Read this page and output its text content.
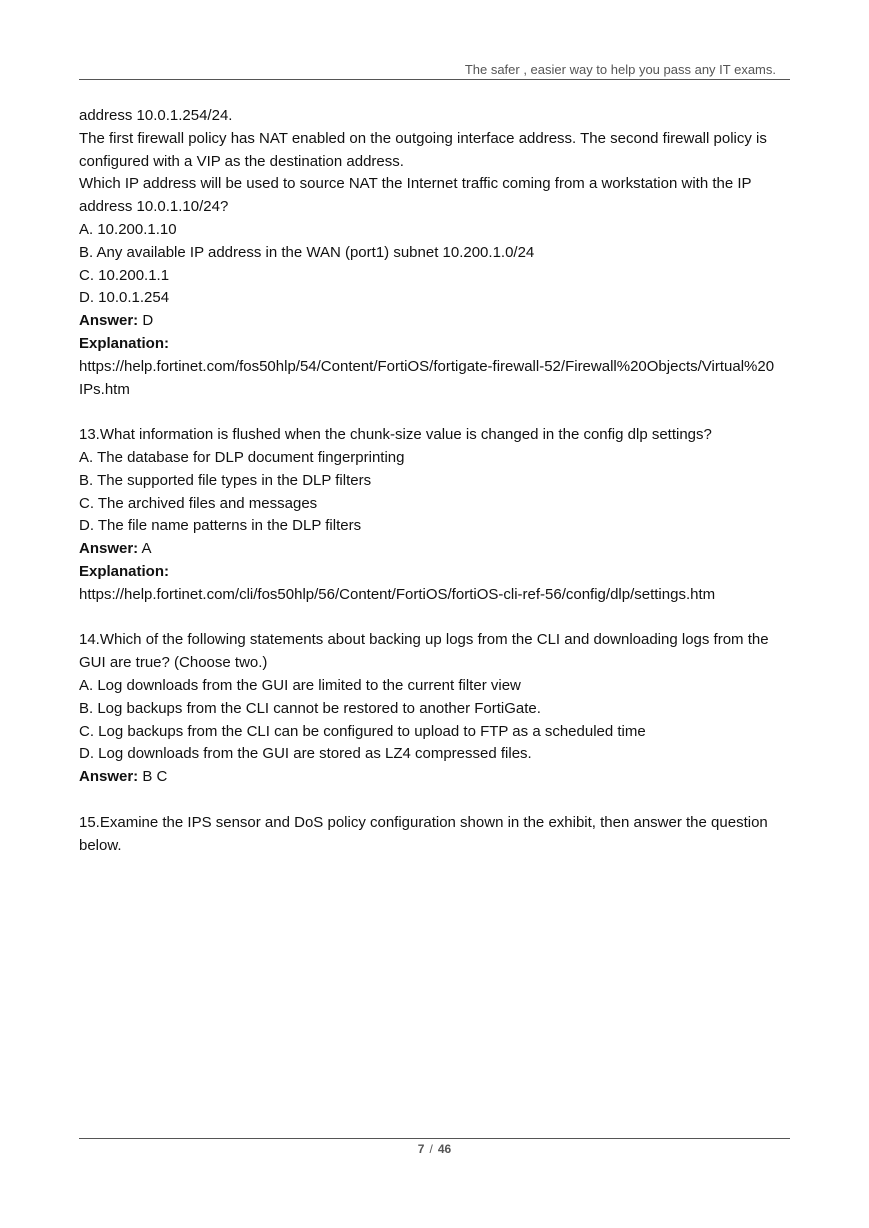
The safer , easier way to help you pass any IT exams.
address 10.0.1.254/24.
The first firewall policy has NAT enabled on the outgoing interface address. The second firewall policy is
configured with a VIP as the destination address.
Which IP address will be used to source NAT the Internet traffic coming from a workstation with the IP
address 10.0.1.10/24?
A. 10.200.1.10
B. Any available IP address in the WAN (port1) subnet 10.200.1.0/24
C. 10.200.1.1
D. 10.0.1.254
Answer: D
Explanation:
https://help.fortinet.com/fos50hlp/54/Content/FortiOS/fortigate-firewall-52/Firewall%20Objects/Virtual%20
IPs.htm
13.What information is flushed when the chunk-size value is changed in the config dlp settings?
A. The database for DLP document fingerprinting
B. The supported file types in the DLP filters
C. The archived files and messages
D. The file name patterns in the DLP filters
Answer: A
Explanation:
https://help.fortinet.com/cli/fos50hlp/56/Content/FortiOS/fortiOS-cli-ref-56/config/dlp/settings.htm
14.Which of the following statements about backing up logs from the CLI and downloading logs from the
GUI are true? (Choose two.)
A. Log downloads from the GUI are limited to the current filter view
B. Log backups from the CLI cannot be restored to another FortiGate.
C. Log backups from the CLI can be configured to upload to FTP as a scheduled time
D. Log downloads from the GUI are stored as LZ4 compressed files.
Answer: B C
15.Examine the IPS sensor and DoS policy configuration shown in the exhibit, then answer the question
below.
7 / 46
